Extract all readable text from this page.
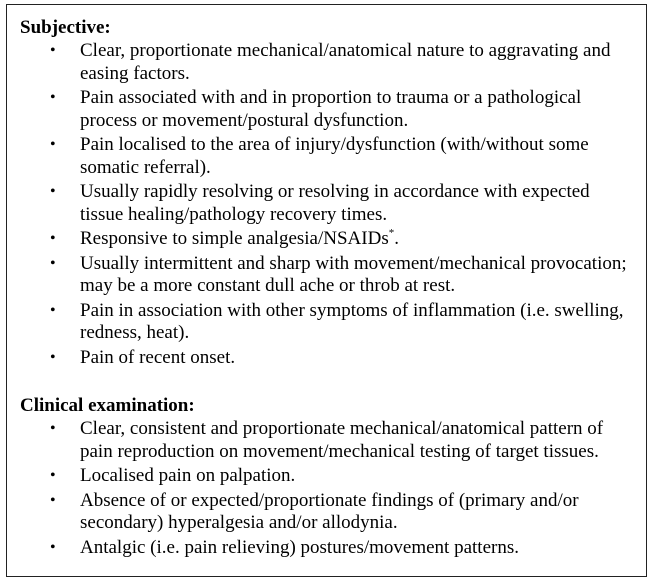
Subjective:
• Clear, proportionate mechanical/anatomical nature to aggravating and easing factors.
• Pain associated with and in proportion to trauma or a pathological process or movement/postural dysfunction.
• Pain localised to the area of injury/dysfunction (with/without some somatic referral).
• Usually rapidly resolving or resolving in accordance with expected tissue healing/pathology recovery times.
• Responsive to simple analgesia/NSAIDs*.
• Usually intermittent and sharp with movement/mechanical provocation; may be a more constant dull ache or throb at rest.
• Pain in association with other symptoms of inflammation (i.e. swelling, redness, heat).
• Pain of recent onset.
Clinical examination:
• Clear, consistent and proportionate mechanical/anatomical pattern of pain reproduction on movement/mechanical testing of target tissues.
• Localised pain on palpation.
• Absence of or expected/proportionate findings of (primary and/or secondary) hyperalgesia and/or allodynia.
• Antalgic (i.e. pain relieving) postures/movement patterns.
